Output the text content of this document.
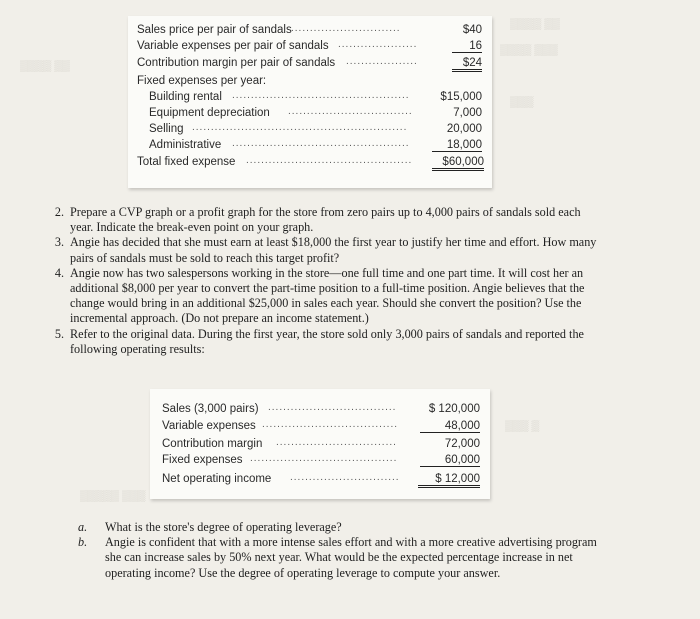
▒▒▒▒ ▒▒
▒▒▒▒ ▒▒▒
▒▒▒
▒▒▒▒ ▒▒
▒▒▒ ▒
▒▒▒▒▒ ▒▒▒
Sales price per pair of sandals .............................	$40
Variable expenses per pair of sandals .....................	16
Contribution margin per pair of sandals ...................	$24
Fixed expenses per year:
Building rental ...............................................	$15,000
Equipment depreciation .................................	7,000
Selling .........................................................	20,000
Administrative ...............................................	18,000
Total fixed expense ............................................	$60,000

2. Prepare a CVP graph or a profit graph for the store from zero pairs up to 4,000 pairs of sandals sold each year. Indicate the break-even point on your graph.

3. Angie has decided that she must earn at least $18,000 the first year to justify her time and effort. How many pairs of sandals must be sold to reach this target profit?

4. Angie now has two salespersons working in the store—one full time and one part time. It will cost her an additional $8,000 per year to convert the part-time position to a full-time position. Angie believes that the change would bring in an additional $25,000 in sales each year. Should she convert the position? Use the incremental approach. (Do not prepare an income statement.)

5. Refer to the original data. During the first year, the store sold only 3,000 pairs of sandals and reported the following operating results:

Sales (3,000 pairs) ..................................	$ 120,000
Variable expenses ....................................	48,000
Contribution margin ................................	72,000
Fixed expenses .......................................	60,000
Net operating income .............................	$ 12,000

a.	What is the store's degree of operating leverage?

b.	Angie is confident that with a more intense sales effort and with a more creative advertising program she can increase sales by 50% next year. What would be the expected percentage increase in net operating income? Use the degree of operating leverage to compute your answer.
